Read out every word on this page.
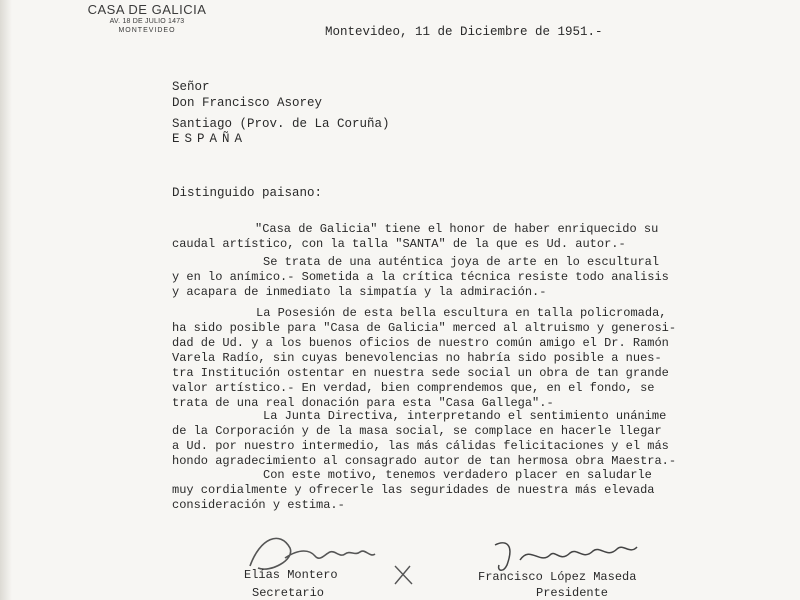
CASA DE GALICIA
AV. 18 DE JULIO 1473
MONTEVIDEO	Montevideo, 11 de Diciembre de 1951.-
Señor
Don Francisco Asorey
Santiago (Prov. de La Coruña)
ESPAÑA
Distinguido paisano:
"Casa de Galicia" tiene el honor de haber enriquecido su
caudal artístico, con la talla "SANTA" de la que es Ud. autor.-
Se trata de una auténtica joya de arte en lo escultural
y en lo anímico.- Sometida a la crítica técnica resiste todo analisis
y acapara de inmediato la simpatía y la admiración.-
La Posesión de esta bella escultura en talla policromada,
ha sido posible para "Casa de Galicia" merced al altruismo y generosi-
dad de Ud. y a los buenos oficios de nuestro común amigo el Dr. Ramón
Varela Radío, sin cuyas benevolencias no habría sido posible a nues-
tra Institución ostentar en nuestra sede social un obra de tan grande
valor artístico.- En verdad, bien comprendemos que, en el fondo, se
trata de una real donación para esta "Casa Gallega".-
La Junta Directiva, interpretando el sentimiento unánime
de la Corporación y de la masa social, se complace en hacerle llegar
a Ud. por nuestro intermedio, las más cálidas felicitaciones y el más
hondo agradecimiento al consagrado autor de tan hermosa obra Maestra.-
Con este motivo, tenemos verdadero placer en saludarle
muy cordialmente y ofrecerle las seguridades de nuestra más elevada
consideración y estima.-
Elías Montero
Secretario
Francisco López Maseda
Presidente
